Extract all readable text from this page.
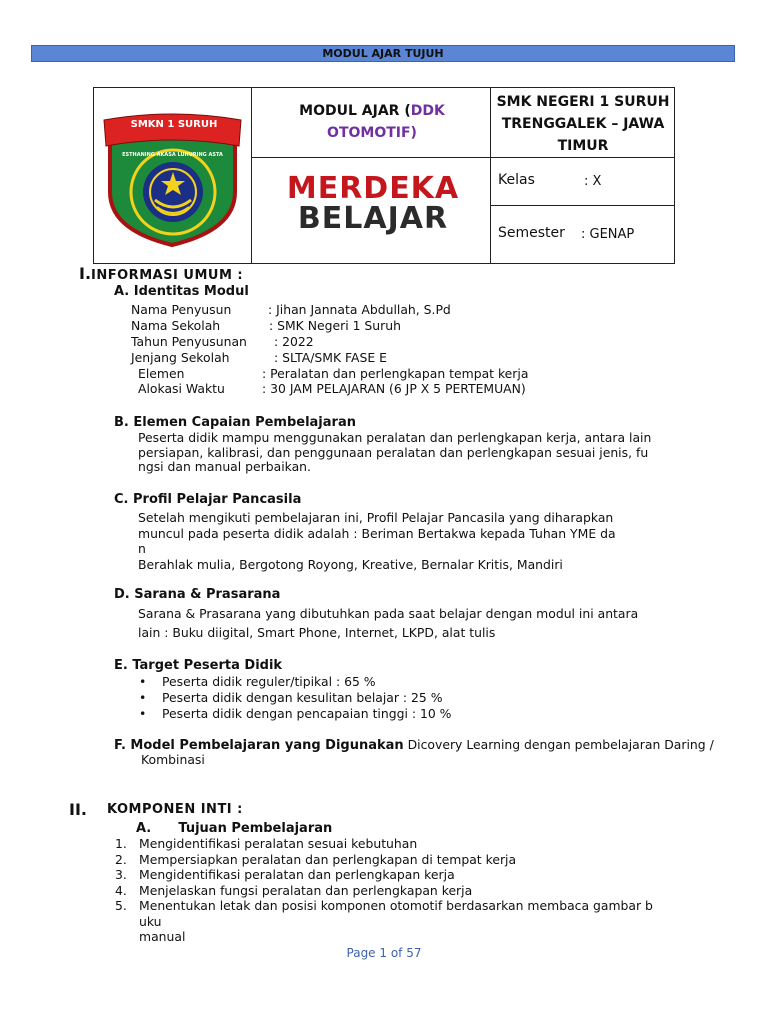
MODUL AJAR TUJUH
SMKN 1 SURUH
ESTHANING AKASA LUHURING ASTA
MODUL AJAR (DDK OTOMOTIF)
MERDEKA
BELAJAR
SMK NEGERI 1 SURUH
TRENGGALEK – JAWA
TIMUR
Kelas	: X
Semester : GENAP
I.INFORMASI UMUM :
A. Identitas Modul
Nama Penyusun	: Jihan Jannata Abdullah, S.Pd
Nama Sekolah	: SMK Negeri 1 Suruh
Tahun Penyusunan : 2022
Jenjang Sekolah	: SLTA/SMK FASE E
Elemen	: Peralatan dan perlengkapan tempat kerja
Alokasi Waktu	: 30 JAM PELAJARAN (6 JP X 5 PERTEMUAN)
B. Elemen Capaian Pembelajaran
Peserta didik mampu menggunakan peralatan dan perlengkapan kerja, antara lain
persiapan, kalibrasi, dan penggunaan peralatan dan perlengkapan sesuai jenis, fu
ngsi dan manual perbaikan.
C. Profil Pelajar Pancasila
Setelah mengikuti pembelajaran ini, Profil Pelajar Pancasila yang diharapkan
muncul pada peserta didik adalah : Beriman Bertakwa kepada Tuhan YME da
n
Berahlak mulia, Bergotong Royong, Kreative, Bernalar Kritis, Mandiri
D. Sarana & Prasarana
Sarana & Prasarana yang dibutuhkan pada saat belajar dengan modul ini antara
lain : Buku diigital, Smart Phone, Internet, LKPD, alat tulis
E. Target Peserta Didik
• Peserta didik reguler/tipikal : 65 %
• Peserta didik dengan kesulitan belajar : 25 %
• Peserta didik dengan pencapaian tinggi : 10 %
F. Model Pembelajaran yang Digunakan Dicovery Learning dengan pembelajaran Daring /
Kombinasi
II. KOMPONEN INTI :
A.      Tujuan Pembelajaran
1. Mengidentifikasi peralatan sesuai kebutuhan
2. Mempersiapkan peralatan dan perlengkapan di tempat kerja
3. Mengidentifikasi peralatan dan perlengkapan kerja
4. Menjelaskan fungsi peralatan dan perlengkapan kerja
5. Menentukan letak dan posisi komponen otomotif berdasarkan membaca gambar b
uku manual
Page 1 of 57
